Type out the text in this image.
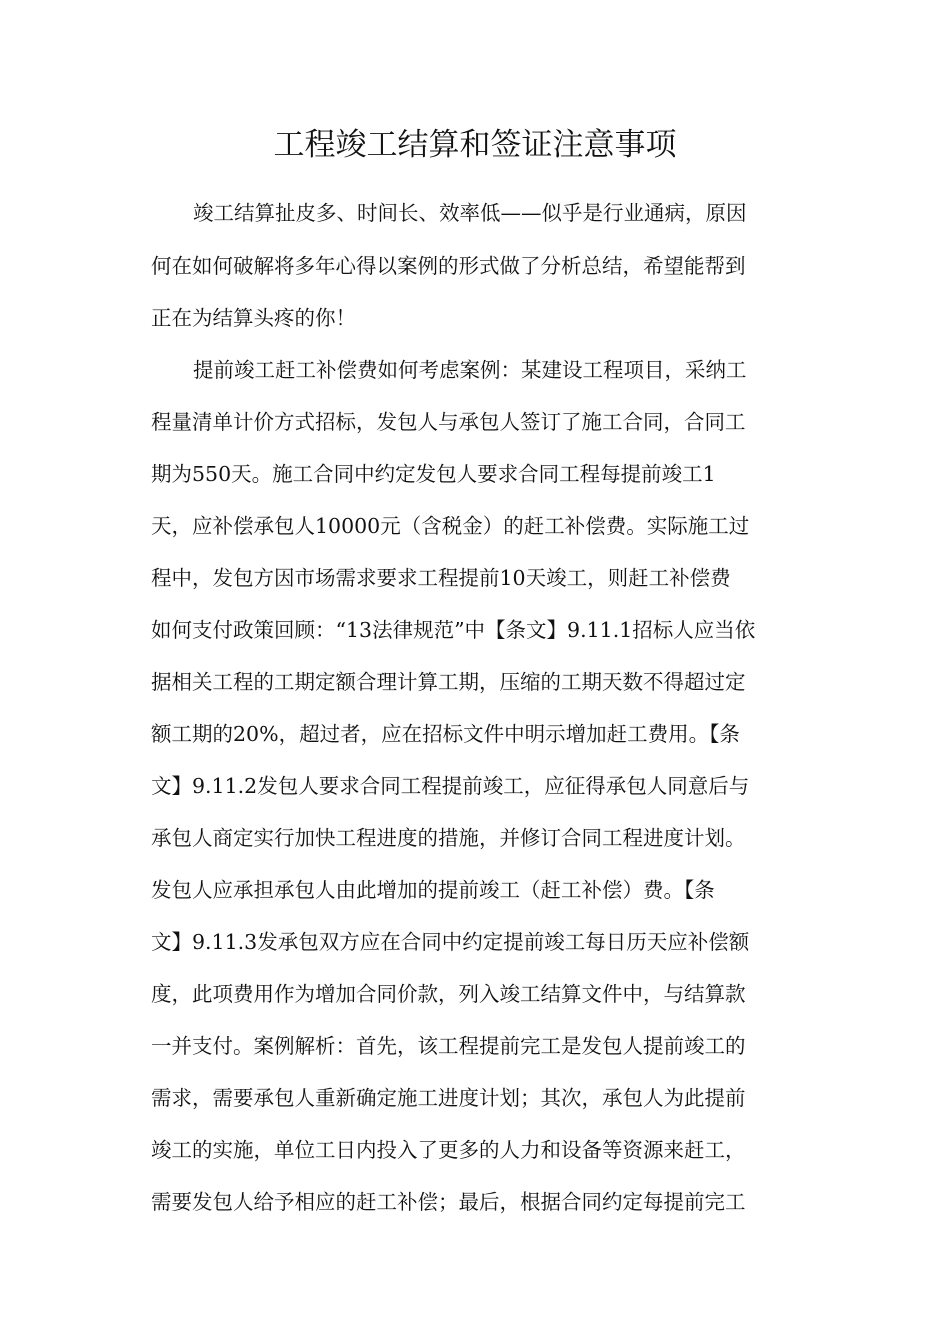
工程竣工结算和签证注意事项

竣工结算扯皮多、时间长、效率低——似乎是行业通病，原因

何在如何破解将多年心得以案例的形式做了分析总结，希望能帮到

正在为结算头疼的你！

提前竣工赶工补偿费如何考虑案例：某建设工程项目，采纳工

程量清单计价方式招标，发包人与承包人签订了施工合同，合同工

期为550天。施工合同中约定发包人要求合同工程每提前竣工1

天，应补偿承包人10000元（含税金）的赶工补偿费。实际施工过

程中，发包方因市场需求要求工程提前10天竣工，则赶工补偿费

如何支付政策回顾：“13法律规范”中【条文】9.11.1招标人应当依

据相关工程的工期定额合理计算工期，压缩的工期天数不得超过定

额工期的20%，超过者，应在招标文件中明示增加赶工费用。【条

文】9.11.2发包人要求合同工程提前竣工，应征得承包人同意后与

承包人商定实行加快工程进度的措施，并修订合同工程进度计划。

发包人应承担承包人由此增加的提前竣工（赶工补偿）费。【条

文】9.11.3发承包双方应在合同中约定提前竣工每日历天应补偿额

度，此项费用作为增加合同价款，列入竣工结算文件中，与结算款

一并支付。案例解析：首先，该工程提前完工是发包人提前竣工的

需求，需要承包人重新确定施工进度计划；其次，承包人为此提前

竣工的实施，单位工日内投入了更多的人力和设备等资源来赶工，

需要发包人给予相应的赶工补偿；最后，根据合同约定每提前完工
